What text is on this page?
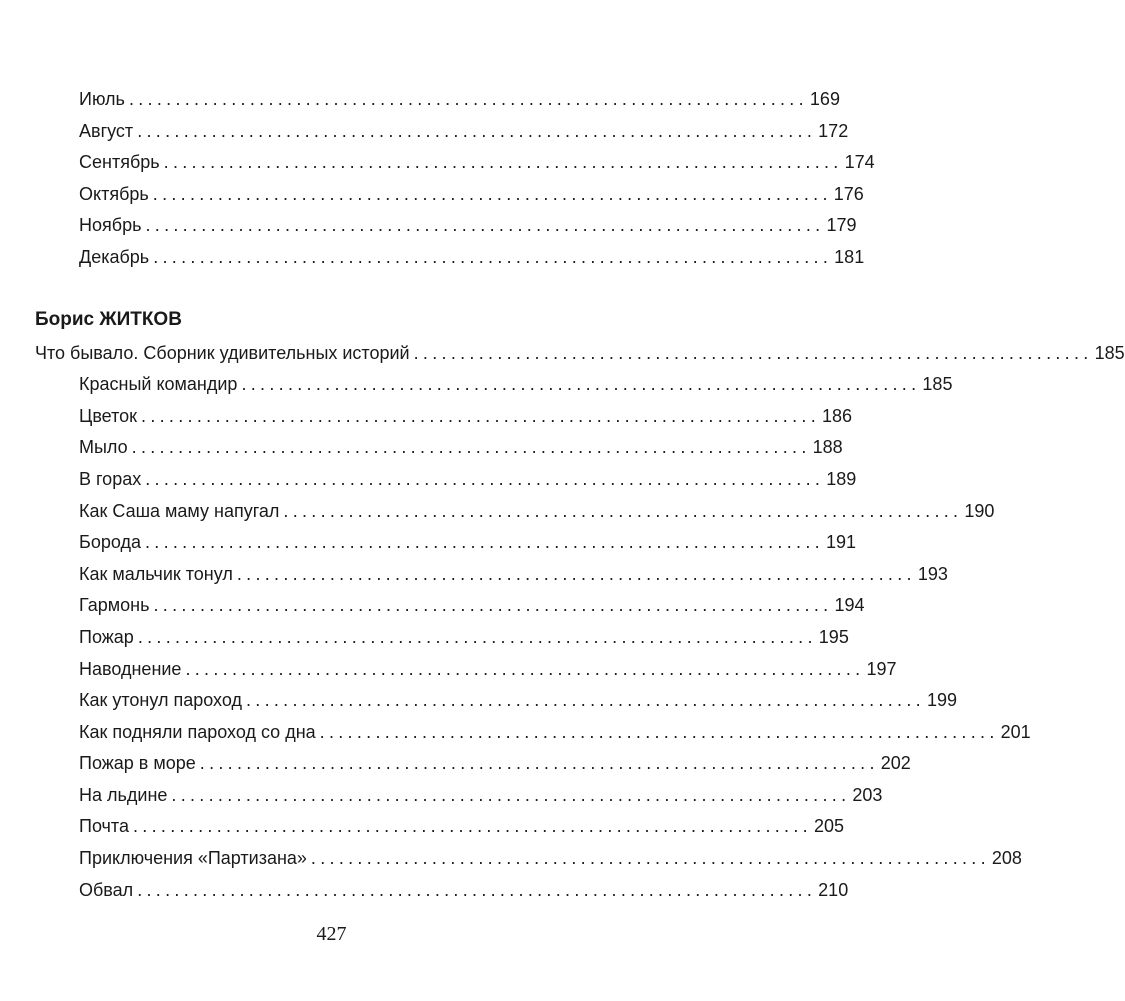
Июль ......................................................................... 169
Август ......................................................................... 172
Сентябрь ......................................................................... 174
Октябрь ......................................................................... 176
Ноябрь ......................................................................... 179
Декабрь ......................................................................... 181
Борис ЖИТКОВ
Что бывало. Сборник удивительных историй ......................................................................... 185
Красный командир ......................................................................... 185
Цветок ......................................................................... 186
Мыло ......................................................................... 188
В горах ......................................................................... 189
Как Саша маму напугал ......................................................................... 190
Борода ......................................................................... 191
Как мальчик тонул ......................................................................... 193
Гармонь ......................................................................... 194
Пожар ......................................................................... 195
Наводнение ......................................................................... 197
Как утонул пароход ......................................................................... 199
Как подняли пароход со дна ......................................................................... 201
Пожар в море ......................................................................... 202
На льдине ......................................................................... 203
Почта ......................................................................... 205
Приключения «Партизана» ......................................................................... 208
Обвал ......................................................................... 210
427
